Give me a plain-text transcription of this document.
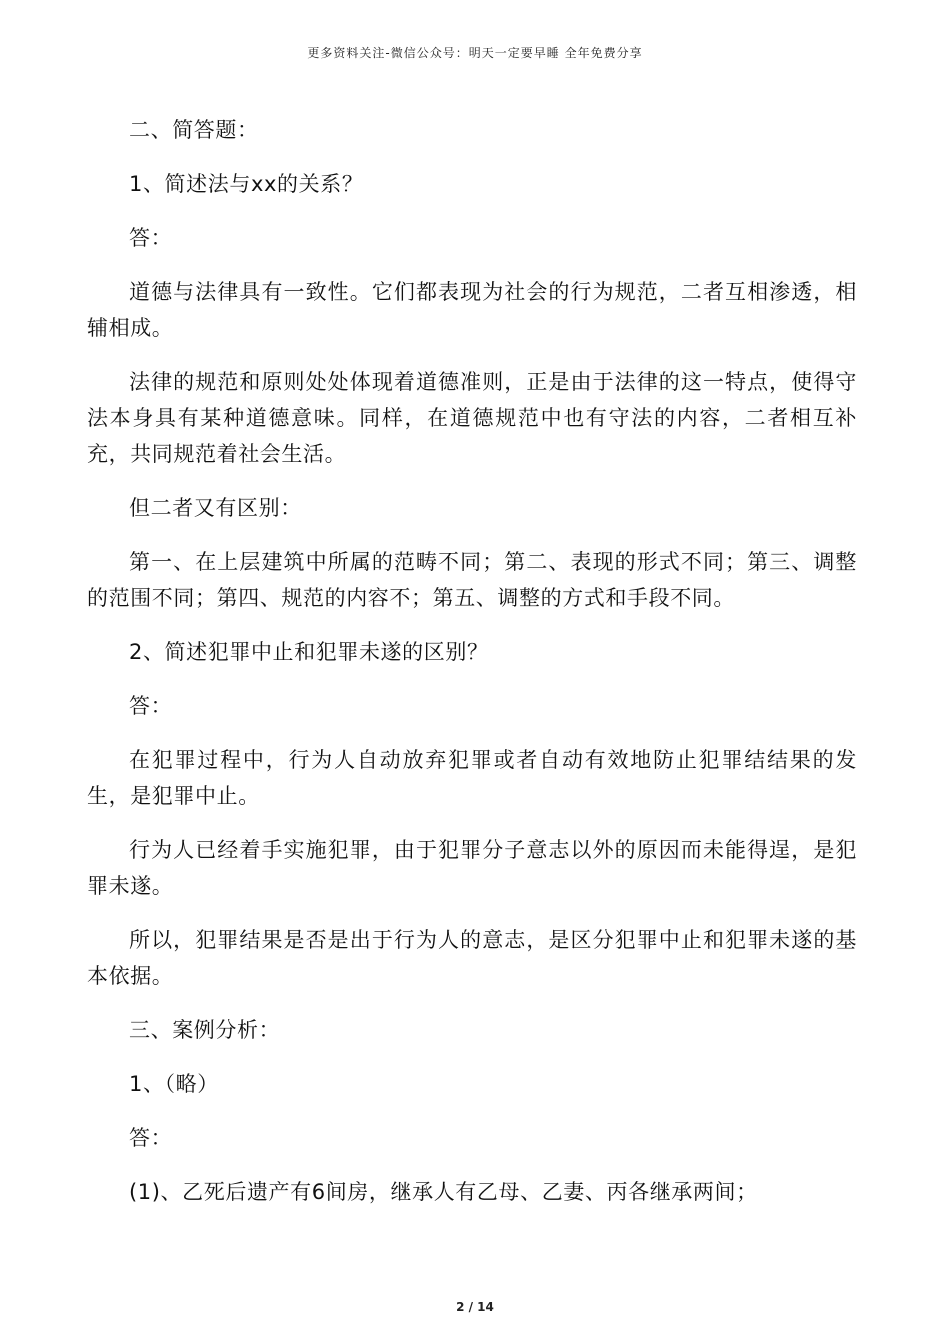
更多资料关注-微信公众号：明天一定要早睡 全年免费分享

二、简答题：

1、简述法与xx的关系？

答：

道德与法律具有一致性。它们都表现为社会的行为规范，二者互相渗透，相辅相成。

法律的规范和原则处处体现着道德准则，正是由于法律的这一特点，使得守法本身具有某种道德意味。同样，在道德规范中也有守法的内容，二者相互补充，共同规范着社会生活。

但二者又有区别：

第一、在上层建筑中所属的范畴不同；第二、表现的形式不同；第三、调整的范围不同；第四、规范的内容不；第五、调整的方式和手段不同。

2、简述犯罪中止和犯罪未遂的区别？

答：

在犯罪过程中，行为人自动放弃犯罪或者自动有效地防止犯罪结结果的发生，是犯罪中止。

行为人已经着手实施犯罪，由于犯罪分子意志以外的原因而未能得逞，是犯罪未遂。

所以，犯罪结果是否是出于行为人的意志，是区分犯罪中止和犯罪未遂的基本依据。

三、案例分析：

1、（略）

答：

(1)、乙死后遗产有6间房，继承人有乙母、乙妻、丙各继承两间；

2 / 14
